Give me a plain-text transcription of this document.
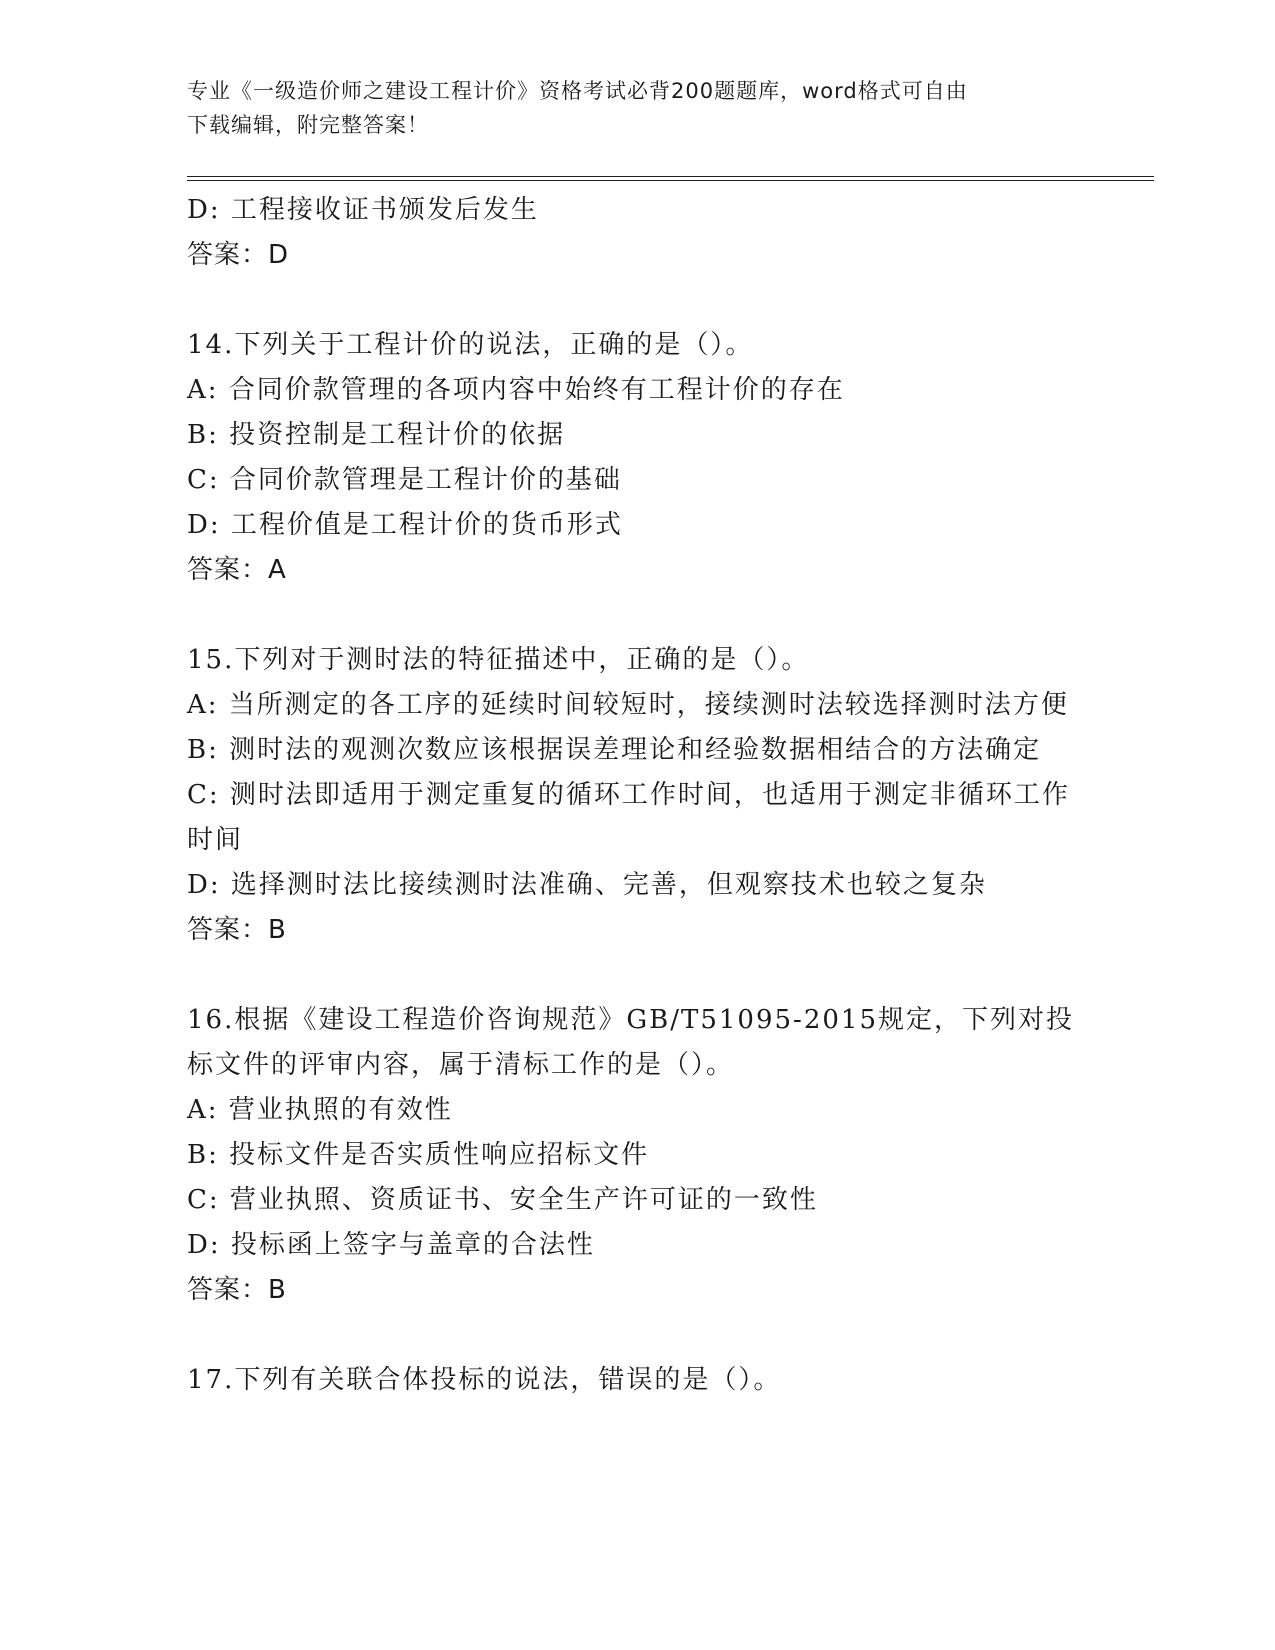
专业《一级造价师之建设工程计价》资格考试必背200题题库，word格式可自由
下载编辑，附完整答案！

D: 工程接收证书颁发后发生

答案：D

14.下列关于工程计价的说法，正确的是（）。

A: 合同价款管理的各项内容中始终有工程计价的存在

B: 投资控制是工程计价的依据

C: 合同价款管理是工程计价的基础

D: 工程价值是工程计价的货币形式

答案：A

15.下列对于测时法的特征描述中，正确的是（）。

A: 当所测定的各工序的延续时间较短时，接续测时法较选择测时法方便

B: 测时法的观测次数应该根据误差理论和经验数据相结合的方法确定

C: 测时法即适用于测定重复的循环工作时间，也适用于测定非循环工作时间

D: 选择测时法比接续测时法准确、完善，但观察技术也较之复杂

答案：B

16.根据《建设工程造价咨询规范》GB/T51095-2015规定，下列对投标文件的评审内容，属于清标工作的是（）。

A: 营业执照的有效性

B: 投标文件是否实质性响应招标文件

C: 营业执照、资质证书、安全生产许可证的一致性

D: 投标函上签字与盖章的合法性

答案：B

17.下列有关联合体投标的说法，错误的是（）。
